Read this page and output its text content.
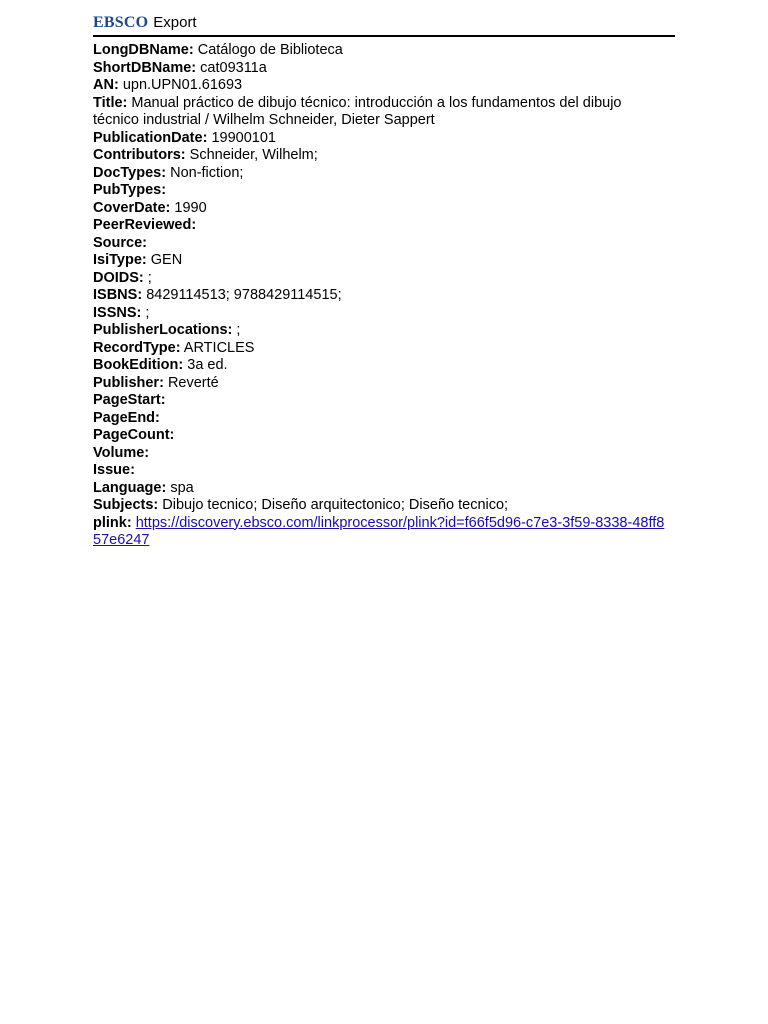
EBSCO Export

LongDBName: Catálogo de Biblioteca

ShortDBName: cat09311a

AN: upn.UPN01.61693

Title: Manual práctico de dibujo técnico: introducción a los fundamentos del dibujo técnico industrial / Wilhelm Schneider, Dieter Sappert

PublicationDate: 19900101

Contributors: Schneider, Wilhelm;

DocTypes: Non-fiction;

PubTypes:

CoverDate: 1990

PeerReviewed:

Source:

IsiType: GEN

DOIDS: ;

ISBNS: 8429114513; 9788429114515;

ISSNS: ;

PublisherLocations: ;

RecordType: ARTICLES

BookEdition: 3a ed.

Publisher: Reverté

PageStart:

PageEnd:

PageCount:

Volume:

Issue:

Language: spa

Subjects: Dibujo tecnico; Diseño arquitectonico; Diseño tecnico;

plink: https://discovery.ebsco.com/linkprocessor/plink?id=f66f5d96-c7e3-3f59-8338-48ff857e6247
